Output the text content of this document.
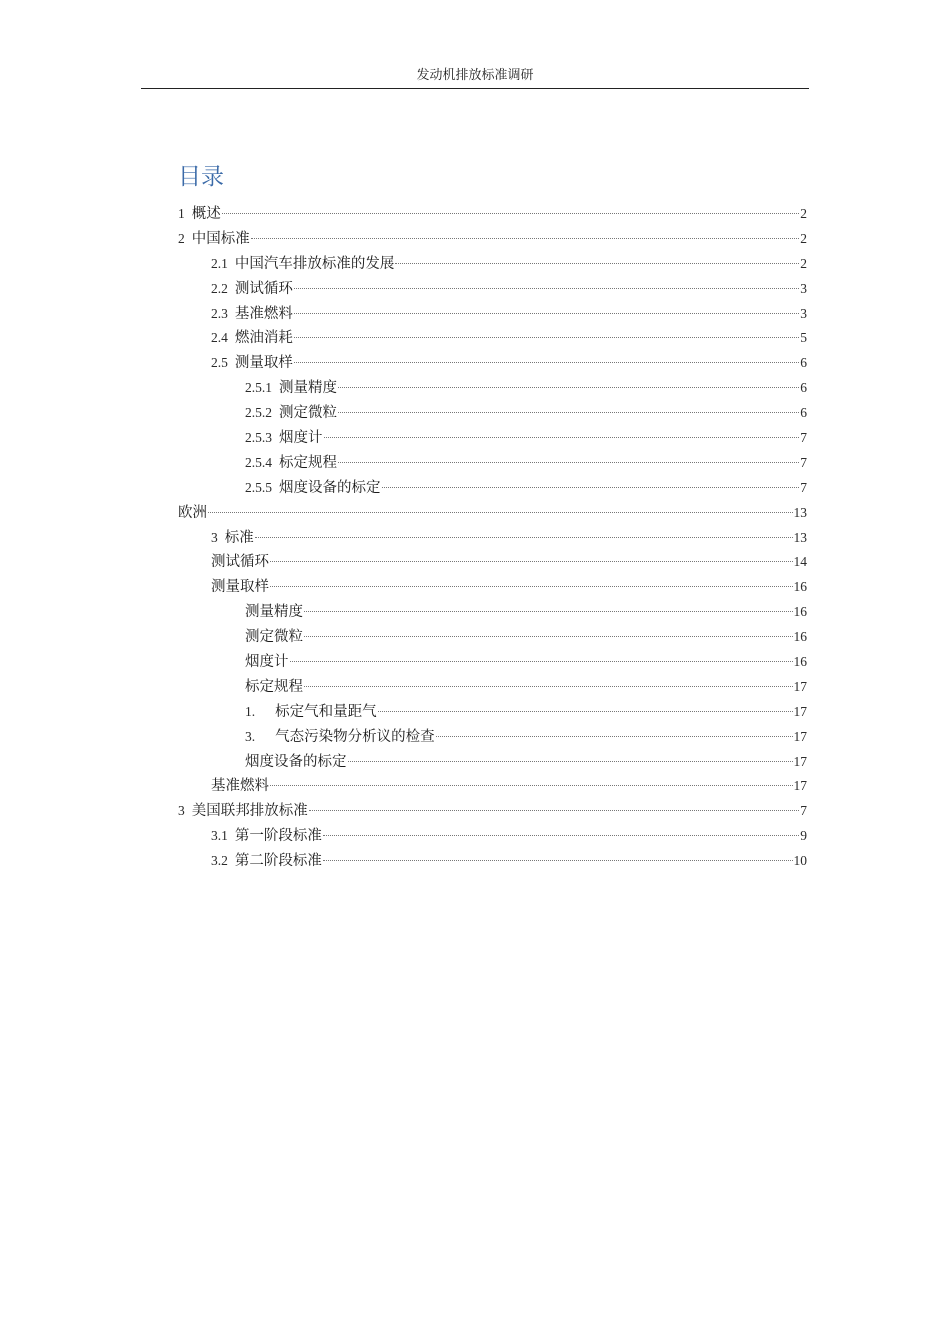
发动机排放标准调研
目录
1 概述	2
2 中国标准	2
2.1 中国汽车排放标准的发展	2
2.2 测试循环	3
2.3 基准燃料	3
2.4 燃油消耗	5
2.5 测量取样	6
2.5.1 测量精度	6
2.5.2 测定微粒	6
2.5.3 烟度计	7
2.5.4 标定规程	7
2.5.5 烟度设备的标定	7
欧洲	13
3 标准	13
测试循环	14
测量取样	16
测量精度	16
测定微粒	16
烟度计	16
标定规程	17
1. 标定气和量距气	17
3. 气态污染物分析议的检查	17
烟度设备的标定	17
基准燃料	17
3 美国联邦排放标准	7
3.1 第一阶段标准	9
3.2 第二阶段标准	10
